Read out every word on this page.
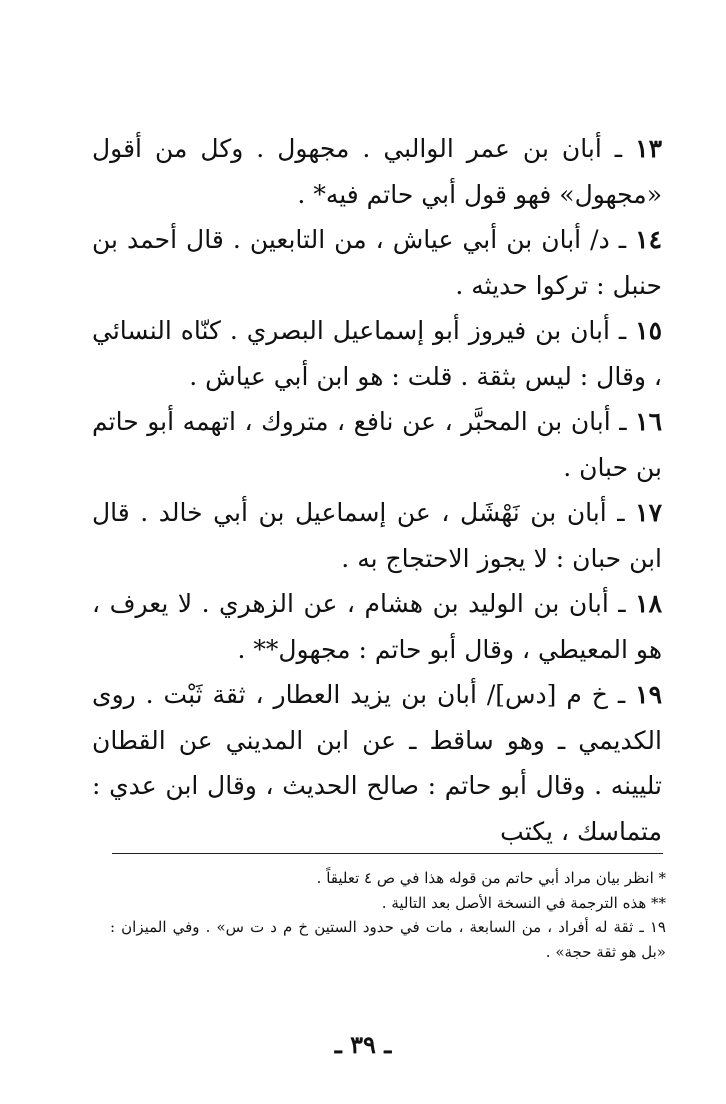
١٣ ـ أبان بن عمر الوالبي . مجهول . وكل من أقول «مجهول» فهو قول أبي حاتم فيه* .

١٤ ـ د/ أبان بن أبي عياش ، من التابعين . قال أحمد بن حنبل : تركوا حديثه .

١٥ ـ أبان بن فيروز أبو إسماعيل البصري . كنّاه النسائي ، وقال : ليس بثقة . قلت : هو ابن أبي عياش .

١٦ ـ أبان بن المحبَّر ، عن نافع ، متروك ، اتهمه أبو حاتم بن حبان .

١٧ ـ أبان بن نَهْشَل ، عن إسماعيل بن أبي خالد . قال ابن حبان : لا يجوز الاحتجاج به .

١٨ ـ أبان بن الوليد بن هشام ، عن الزهري . لا يعرف ، هو المعيطي ، وقال أبو حاتم : مجهول** .

١٩ ـ خ م [دس]/ أبان بن يزيد العطار ، ثقة ثَبْت . روى الكديمي ـ وهو ساقط ـ عن ابن المديني عن القطان تليينه . وقال أبو حاتم : صالح الحديث ، وقال ابن عدي : متماسك ، يكتب

* انظر بيان مراد أبي حاتم من قوله هذا في ص ٤ تعليقاً .

** هذه الترجمة في النسخة الأصل بعد التالية .

١٩ ـ ثقة له أفراد ، من السابعة ، مات في حدود الستين خ م د ت س» . وفي الميزان : «بل هو ثقة حجة» .

ـ ٣٩ ـ
